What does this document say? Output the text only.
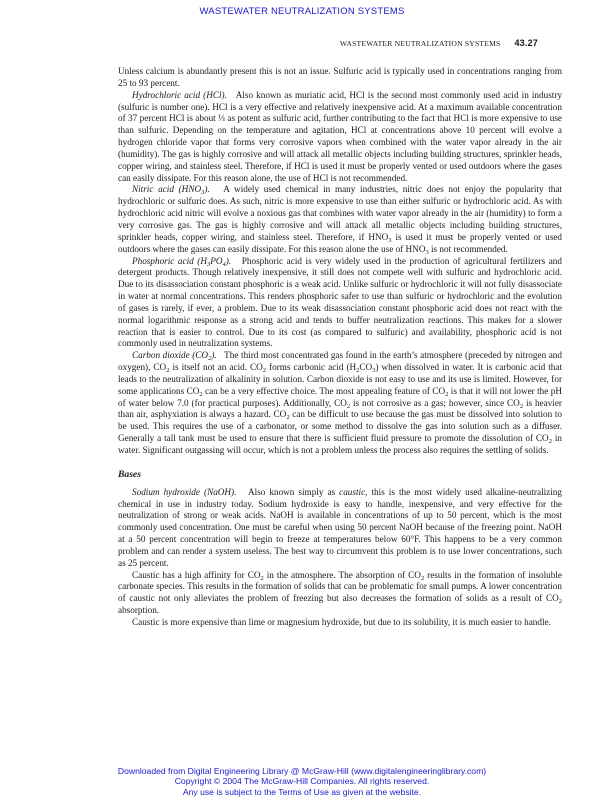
WASTEWATER NEUTRALIZATION SYSTEMS
WASTEWATER NEUTRALIZATION SYSTEMS 43.27

Unless calcium is abundantly present this is not an issue. Sulfuric acid is typically used in concentrations ranging from 25 to 93 percent.

Hydrochloric acid (HCl). Also known as muriatic acid, HCl is the second most commonly used acid in industry (sulfuric is number one). HCl is a very effective and relatively inexpensive acid. At a maximum available concentration of 37 percent HCl is about ⅓ as potent as sulfuric acid, further contributing to the fact that HCl is more expensive to use than sulfuric. Depending on the temperature and agitation, HCl at concentrations above 10 percent will evolve a hydrogen chloride vapor that forms very corrosive vapors when combined with the water vapor already in the air (humidity). The gas is highly corrosive and will attack all metallic objects including building structures, sprinkler heads, copper wiring, and stainless steel. Therefore, if HCl is used it must be properly vented or used outdoors where the gases can easily dissipate. For this reason alone, the use of HCl is not recommended.

Nitric acid $(HNO_3)$. A widely used chemical in many industries, nitric does not enjoy the popularity that hydrochloric or sulfuric does. As such, nitric is more expensive to use than either sulfuric or hydrochloric acid. As with hydrochloric acid nitric will evolve a noxious gas that combines with water vapor already in the air (humidity) to form a very corrosive gas. The gas is highly corrosive and will attack all metallic objects including building structures, sprinkler heads, copper wiring, and stainless steel. Therefore, if $HNO_3$ is used it must be properly vented or used outdoors where the gases can easily dissipate. For this reason alone the use of $HNO_3$ is not recommended.

Phosphoric acid $(H_3PO_4)$. Phosphoric acid is very widely used in the production of agricultural fertilizers and detergent products. Though relatively inexpensive, it still does not compete well with sulfuric and hydrochloric acid. Due to its disassociation constant phosphoric is a weak acid. Unlike sulfuric or hydrochloric it will not fully disassociate in water at normal concentrations. This renders phosphoric safer to use than sulfuric or hydrochloric and the evolution of gases is rarely, if ever, a problem. Due to its weak disassociation constant phosphoric acid does not react with the normal logarithmic response as a strong acid and tends to buffer neutralization reactions. This makes for a slower reaction that is easier to control. Due to its cost (as compared to sulfuric) and availability, phosphoric acid is not commonly used in neutralization systems.

Carbon dioxide $(CO_2)$. The third most concentrated gas found in the earth’s atmosphere (preceded by nitrogen and oxygen), $CO_2$ is itself not an acid. $CO_2$ forms carbonic acid $(H_2CO_3)$ when dissolved in water. It is carbonic acid that leads to the neutralization of alkalinity in solution. Carbon dioxide is not easy to use and its use is limited. However, for some applications $CO_2$ can be a very effective choice. The most appealing feature of $CO_2$ is that it will not lower the pH of water below 7.0 (for practical purposes). Additionally, $CO_2$ is not corrosive as a gas; however, since $CO_2$ is heavier than air, asphyxiation is always a hazard. $CO_2$ can be difficult to use because the gas must be dissolved into solution to be used. This requires the use of a carbonator, or some method to dissolve the gas into solution such as a diffuser. Generally a tall tank must be used to ensure that there is sufficient fluid pressure to promote the dissolution of $CO_2$ in water. Significant outgassing will occur, which is not a problem unless the process also requires the settling of solids.

Bases

Sodium hydroxide (NaOH). Also known simply as caustic, this is the most widely used alkaline-neutralizing chemical in use in industry today. Sodium hydroxide is easy to handle, inexpensive, and very effective for the neutralization of strong or weak acids. NaOH is available in concentrations of up to 50 percent, which is the most commonly used concentration. One must be careful when using 50 percent NaOH because of the freezing point. NaOH at a 50 percent concentration will begin to freeze at temperatures below 60°F. This happens to be a very common problem and can render a system useless. The best way to circumvent this problem is to use lower concentrations, such as 25 percent.

Caustic has a high affinity for $CO_2$ in the atmosphere. The absorption of $CO_2$ results in the formation of insoluble carbonate species. This results in the formation of solids that can be problematic for small pumps. A lower concentration of caustic not only alleviates the problem of freezing but also decreases the formation of solids as a result of $CO_2$ absorption.

Caustic is more expensive than lime or magnesium hydroxide, but due to its solubility, it is much easier to handle.

Downloaded from Digital Engineering Library @ McGraw-Hill (www.digitalengineeringlibrary.com)
Copyright © 2004 The McGraw-Hill Companies. All rights reserved.
Any use is subject to the Terms of Use as given at the website.
